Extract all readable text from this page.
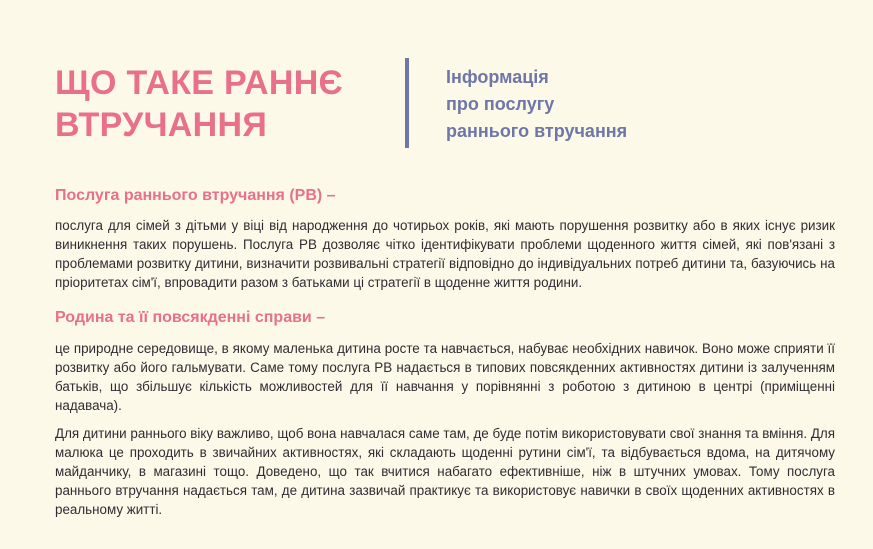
ЩО ТАКЕ РАННЄ
ВТРУЧАННЯ
Інформація
про послугу
раннього втручання
Послуга раннього втручання (РВ) –

послуга для сімей з дітьми у віці від народження до чотирьох років, які мають порушення розвитку або в яких існує ризик виникнення таких порушень. Послуга РВ дозволяє чітко ідентифікувати проблеми щоденного життя сімей, які пов'язані з проблемами розвитку дитини, визначити розвивальні стратегії відповідно до індивідуальних потреб дитини та, базуючись на пріоритетах сім'ї, впровадити разом з батьками ці стратегії в щоденне життя родини.

Родина та її повсякденні справи –

це природне середовище, в якому маленька дитина росте та навчається, набуває необхідних навичок. Воно може сприяти її розвитку або його гальмувати. Саме тому послуга РВ надається в типових повсякденних активностях дитини із залученням батьків, що збільшує кількість можливостей для її навчання у порівнянні з роботою з дитиною в центрі (приміщенні надавача).

Для дитини раннього віку важливо, щоб вона навчалася саме там, де буде потім використовувати свої знання та вміння. Для малюка це проходить в звичайних активностях, які складають щоденні рутини сім'ї, та відбувається вдома, на дитячому майданчику, в магазині тощо. Доведено, що так вчитися набагато ефективніше, ніж в штучних умовах. Тому послуга раннього втручання надається там, де дитина зазвичай практикує та використовує навички в своїх щоденних активностях в реальному житті.
